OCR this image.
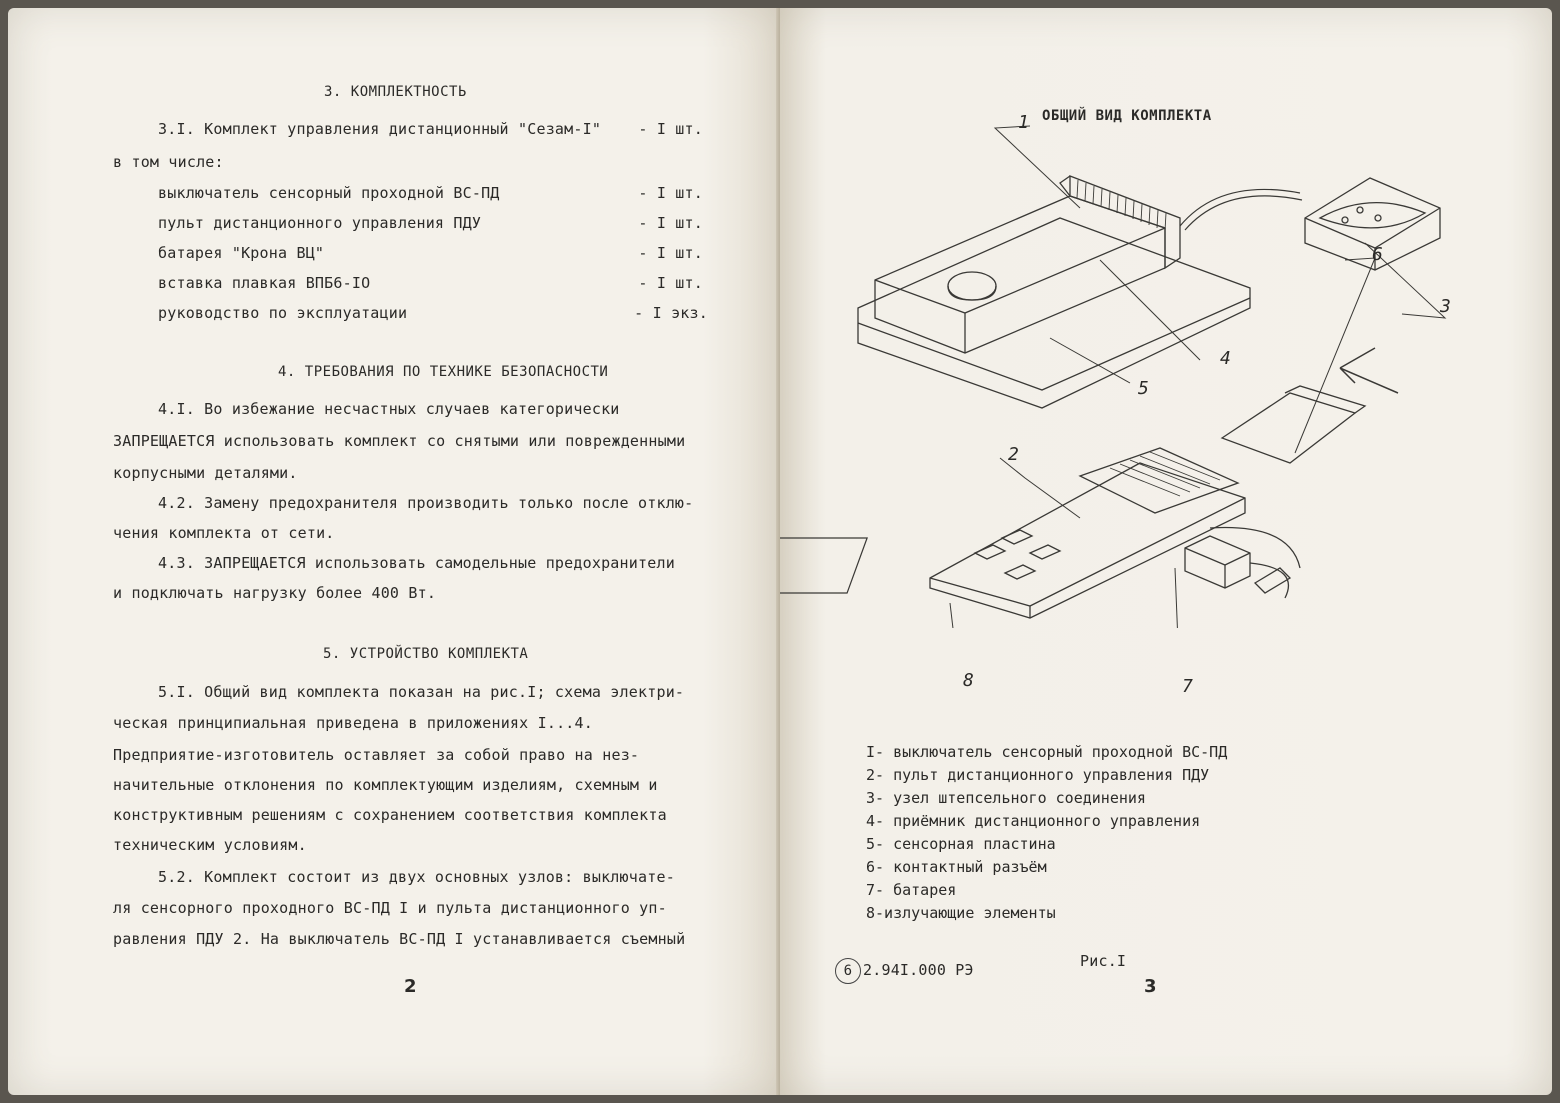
3. КОМПЛЕКТНОСТЬ
3.I. Комплект управления дистанционный "Сезам-I" - I шт.
в том числе:
выключатель сенсорный проходной ВС-ПД	- I шт.
пульт дистанционного управления ПДУ	- I шт.
батарея "Крона ВЦ"	- I шт.
вставка плавкая ВПБ6-IO	- I шт.
руководство по эксплуатации	- I экз.
4. ТРЕБОВАНИЯ ПО ТЕХНИКЕ БЕЗОПАСНОСТИ
4.I. Во избежание несчастных случаев категорически
ЗАПРЕЩАЕТСЯ использовать комплект со снятыми или поврежденными
корпусными деталями.
4.2. Замену предохранителя производить только после отклю-
чения комплекта от сети.
4.3. ЗАПРЕЩАЕТСЯ использовать самодельные предохранители
и подключать нагрузку более 400 Вт.
5. УСТРОЙСТВО КОМПЛЕКТА
5.I. Общий вид комплекта показан на рис.I; схема электри-
ческая принципиальная приведена в приложениях I...4.
Предприятие-изготовитель оставляет за собой право на нез-
начительные отклонения по комплектующим изделиям, схемным и
конструктивным решениям с сохранением соответствия комплекта
техническим условиям.
5.2. Комплект состоит из двух основных узлов: выключате-
ля сенсорного проходного ВС-ПД I и пульта дистанционного уп-
равления ПДУ 2. На выключатель ВС-ПД I устанавливается съемный
2
ОБЩИЙ ВИД КОМПЛЕКТА
1
2
3
4
5
6
7
8
I- выключатель сенсорный проходной ВС-ПД
2- пульт дистанционного управления ПДУ
3- узел штепсельного соединения
4- приёмник дистанционного управления
5- сенсорная пластина
6- контактный разъём
7- батарея
8-излучающие элементы
6 2.94I.000 РЭ	Рис.I
3
